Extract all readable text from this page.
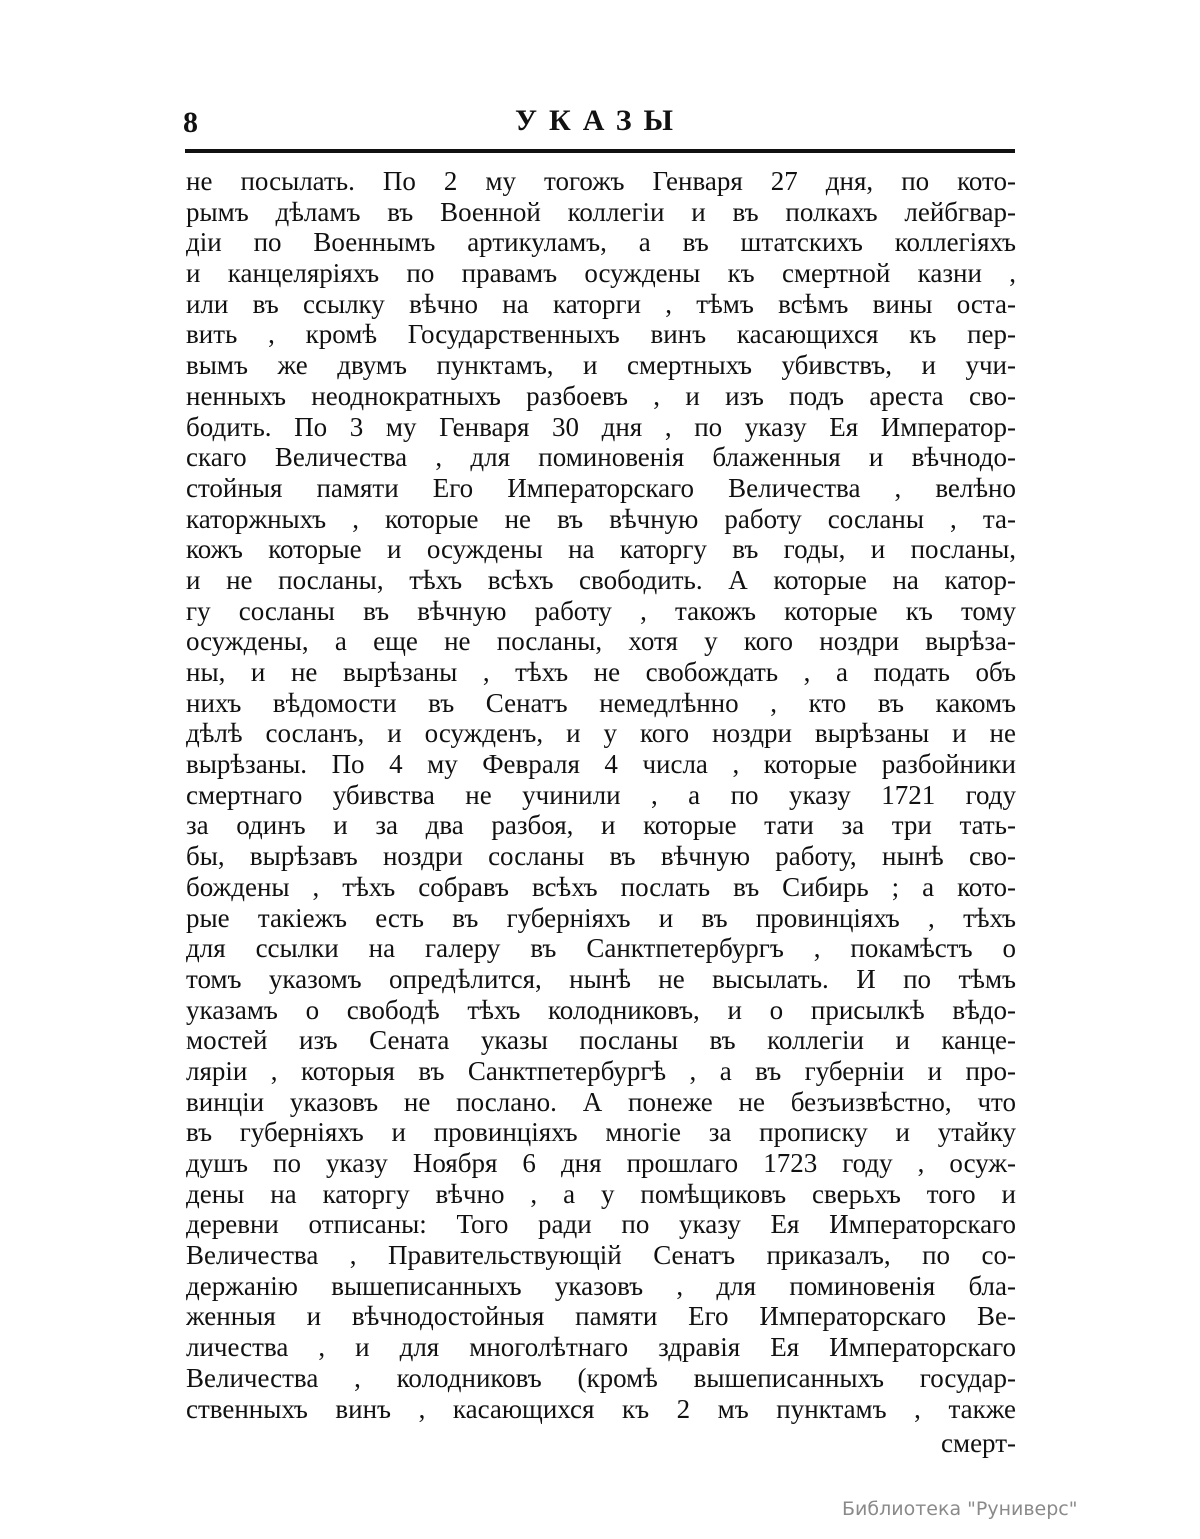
8	УКАЗЫ
не посылать. По 2 му тогожъ Генваря 27 дня, по кото-
рымъ дѣламъ въ Военной коллегiи и въ полкахъ лейбгвар-
дiи по Военнымъ артикуламъ, а въ штатскихъ коллегiяхъ
и канцелярiяхъ по правамъ осуждены къ смертной казни ,
или въ ссылку вѣчно на каторги , тѣмъ всѣмъ вины оста-
вить , кромѣ Государственныхъ винъ касающихся къ пер-
вымъ же двумъ пунктамъ, и смертныхъ убивствъ, и учи-
ненныхъ неоднократныхъ разбоевъ , и изъ подъ ареста сво-
бодить. По 3 му Генваря 30 дня , по указу Ея Император-
скаго Величества , для поминовенiя блаженныя и вѣчнодо-
стойныя памяти Его Императорскаго Величества , велѣно
каторжныхъ , которые не въ вѣчную работу сосланы , та-
кожъ которые и осуждены на каторгу въ годы, и посланы,
и не посланы, тѣхъ всѣхъ свободить. А которые на катор-
гу сосланы въ вѣчную работу , такожъ которые къ тому
осуждены, а еще не посланы, хотя у кого ноздри вырѣза-
ны, и не вырѣзаны , тѣхъ не свобождать , а подать объ
нихъ вѣдомости въ Сенатъ немедлѣнно , кто въ какомъ
дѣлѣ сосланъ, и осужденъ, и у кого ноздри вырѣзаны и не
вырѣзаны. По 4 му Февраля 4 числа , которые разбойники
смертнаго убивства не учинили , а по указу 1721 году
за одинъ и за два разбоя, и которые тати за три тать-
бы, вырѣзавъ ноздри сосланы въ вѣчную работу, нынѣ сво-
бождены , тѣхъ собравъ всѣхъ послать въ Сибирь ; а кото-
рые такiежъ есть въ губернiяхъ и въ провинцiяхъ , тѣхъ
для ссылки на галеру въ Санктпетербургъ , покамѣстъ о
томъ указомъ опредѣлится, нынѣ не высылать. И по тѣмъ
указамъ о свободѣ тѣхъ колодниковъ, и о присылкѣ вѣдо-
мостей изъ Сената указы посланы въ коллегiи и канце-
лярiи , которыя въ Санктпетербургѣ , а въ губернiи и про-
винцiи указовъ не послано. А понеже не безъизвѣстно, что
въ губернiяхъ и провинцiяхъ многiе за прописку и утайку
душъ по указу Ноября 6 дня прошлаго 1723 году , осуж-
дены на каторгу вѣчно , а у помѣщиковъ сверьхъ того и
деревни отписаны: Того ради по указу Ея Императорскаго
Величества , Правительствующiй Сенатъ приказалъ, по со-
держанiю вышеписанныхъ указовъ , для поминовенiя бла-
женныя и вѣчнодостойныя памяти Его Императорскаго Ве-
личества , и для многолѣтнаго здравiя Ея Императорскаго
Величества , колодниковъ (кромѣ вышеписанныхъ государ-
ственныхъ винъ , касающихся къ 2 мъ пунктамъ , также
смерт-
Библиотека "Руниверс"
